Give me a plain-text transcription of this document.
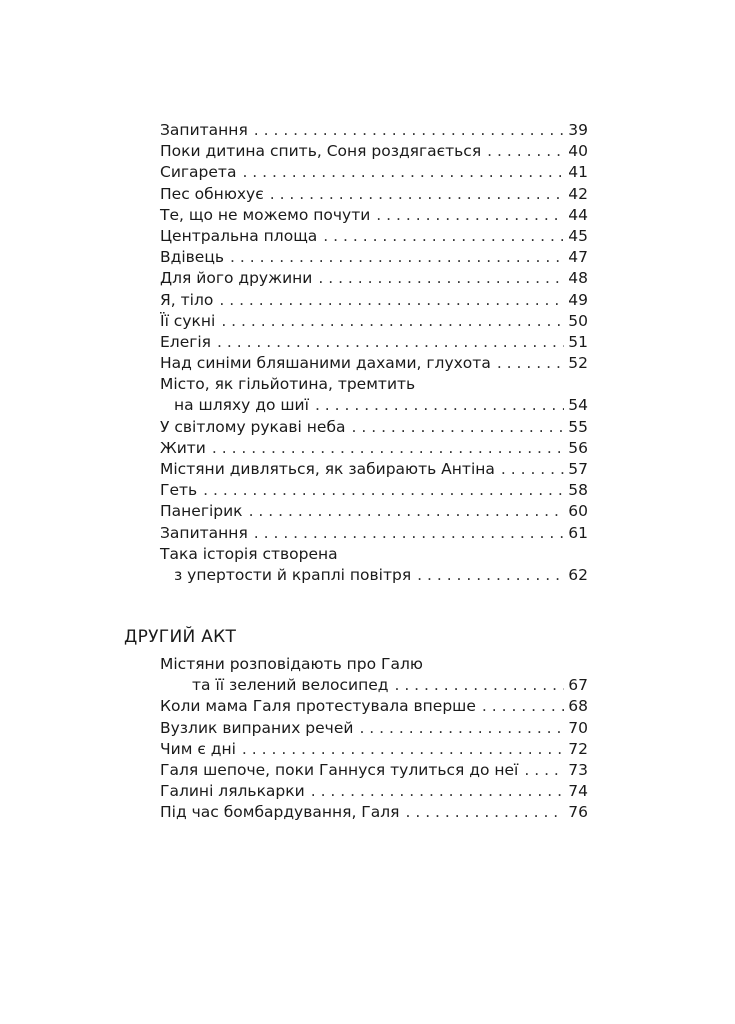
Запитання . . .	39
Поки дитина спить, Соня роздягається . . .	40
Сигарета . . .	41
Пес обнюхує . . .	42
Те, що не можемо почути . . .	44
Центральна площа . . .	45
Вдівець . . .	47
Для його дружини . . .	48
Я, тіло . . .	49
Її сукні . . .	50
Елегія . . .	51
Над синіми бляшаними дахами, глухота . . .	52
Місто, як гільйотина, тремтить
на шляху до шиї . . .	54
У світлому рукаві неба . . .	55
Жити . . .	56
Містяни дивляться, як забирають Антіна . . .	57
Геть . . .	58
Панегірик . . .	60
Запитання . . .	61
Така історія створена
з упертости й краплі повітря . . .	62
ДРУГИЙ АКТ
Містяни розповідають про Галю
та її зелений велосипед . . .	67
Коли мама Галя протестувала вперше . . .	68
Вузлик випраних речей . . .	70
Чим є дні . . .	72
Галя шепоче, поки Ганнуся тулиться до неї . . .	73
Галині лялькарки . . .	74
Під час бомбардування, Галя . . .	76
